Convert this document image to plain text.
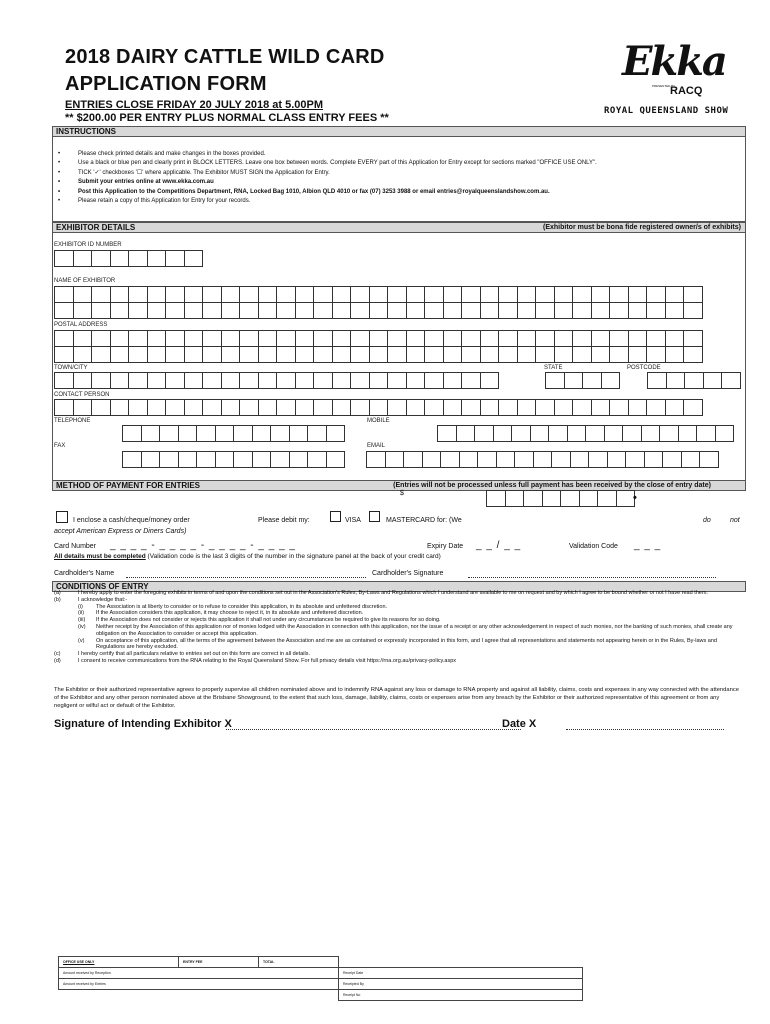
2018 DAIRY CATTLE WILD CARD
APPLICATION FORM
ENTRIES CLOSE FRIDAY 20 JULY 2018 at 5.00PM
** $200.00 PER ENTRY PLUS NORMAL CLASS ENTRY FEES **
Ekka
PRESENTED BY
RACQ
ROYAL QUEENSLAND SHOW
INSTRUCTIONS
• Please check printed details and make changes in the boxes provided.
• Use a black or blue pen and clearly print in BLOCK LETTERS. Leave one box between words. Complete EVERY part of this Application for Entry except for sections marked "OFFICE USE ONLY".
• TICK '✓' checkboxes '☐' where applicable. The Exhibitor MUST SIGN the Application for Entry.
• Submit your entries online at www.ekka.com.au
• Post this Application to the Competitions Department, RNA, Locked Bag 1010, Albion QLD 4010 or fax (07) 3253 3988 or email entries@royalqueenslandshow.com.au.
• Please retain a copy of this Application for Entry for your records.
EXHIBITOR DETAILS	(Exhibitor must be bona fide registered owner/s of exhibits)
EXHIBITOR ID NUMBER
NAME OF EXHIBITOR
POSTAL ADDRESS
TOWN/CITY	STATE	POSTCODE
CONTACT PERSON
TELEPHONE	MOBILE
FAX	EMAIL
METHOD OF PAYMENT FOR ENTRIES	(Entries will not be processed unless full payment has been received by the close of entry date)
$	•
I enclose a cash/cheque/money order	Please debit my:	VISA	MASTERCARD for: (We	do	not
accept American Express or Diners Cards)
Card Number _ _ _ _ - _ _ _ _ - _ _ _ _ - _ _ _ _	Expiry Date _ _ / _ _	Validation Code _ _ _
All details must be completed (Validation code is the last 3 digits of the number in the signature panel at the back of your credit card)
Cardholder's Name	Cardholder's Signature
CONDITIONS OF ENTRY
(a)	I hereby apply to enter the foregoing exhibits in terms of and upon the conditions set out in the Association's Rules, By-Laws and Regulations which I understand are available to me on request and by which I agree to be bound whether or not I have read them.
(b)	I acknowledge that:-
(i)	The Association is at liberty to consider or to refuse to consider this application, in its absolute and unfettered discretion.
(ii)	If the Association considers this application, it may choose to reject it, in its absolute and unfettered discretion.
(iii)	If the Association does not consider or rejects this application it shall not under any circumstances be required to give its reasons for so doing.
(iv)	Neither receipt by the Association of this application nor of monies lodged with the Association in connection with this application, nor the issue of a receipt or any other acknowledgement in respect of such monies, nor the banking of such monies, shall create any obligation on the Association to consider or accept this application.
(v)	On acceptance of this application, all the terms of the agreement between the Association and me are as contained or expressly incorporated in this form, and I agree that all representations and statements not appearing herein or in the Rules, By-laws and Regulations are hereby excluded.
(c)	I hereby certify that all particulars relative to entries set out on this form are correct in all details.
(d)	I consent to receive communications from the RNA relating to the Royal Queensland Show. For full privacy details visit https://rna.org.au/privacy-policy.aspx
The Exhibitor or their authorized representative agrees to properly supervise all children nominated above and to indemnify RNA against any loss or damage to RNA property and against all liability, claims, costs and expenses in any way connected with the attendance of the Exhibitor and any other person nominated above at the Brisbane Showground, to the extent that such loss, damage, liability, claims, costs or expenses arise from any breach by the Exhibitor or their authorized representative of this agreement or from any negligent or wilful act or default of the Exhibitor.
Signature of Intending Exhibitor X	Date X
OFFICE USE ONLY	ENTRY FEE	TOTAL	
Amount received by Reception			Receipt Date
Amount received by Entries			Receipted By
			Receipt No
